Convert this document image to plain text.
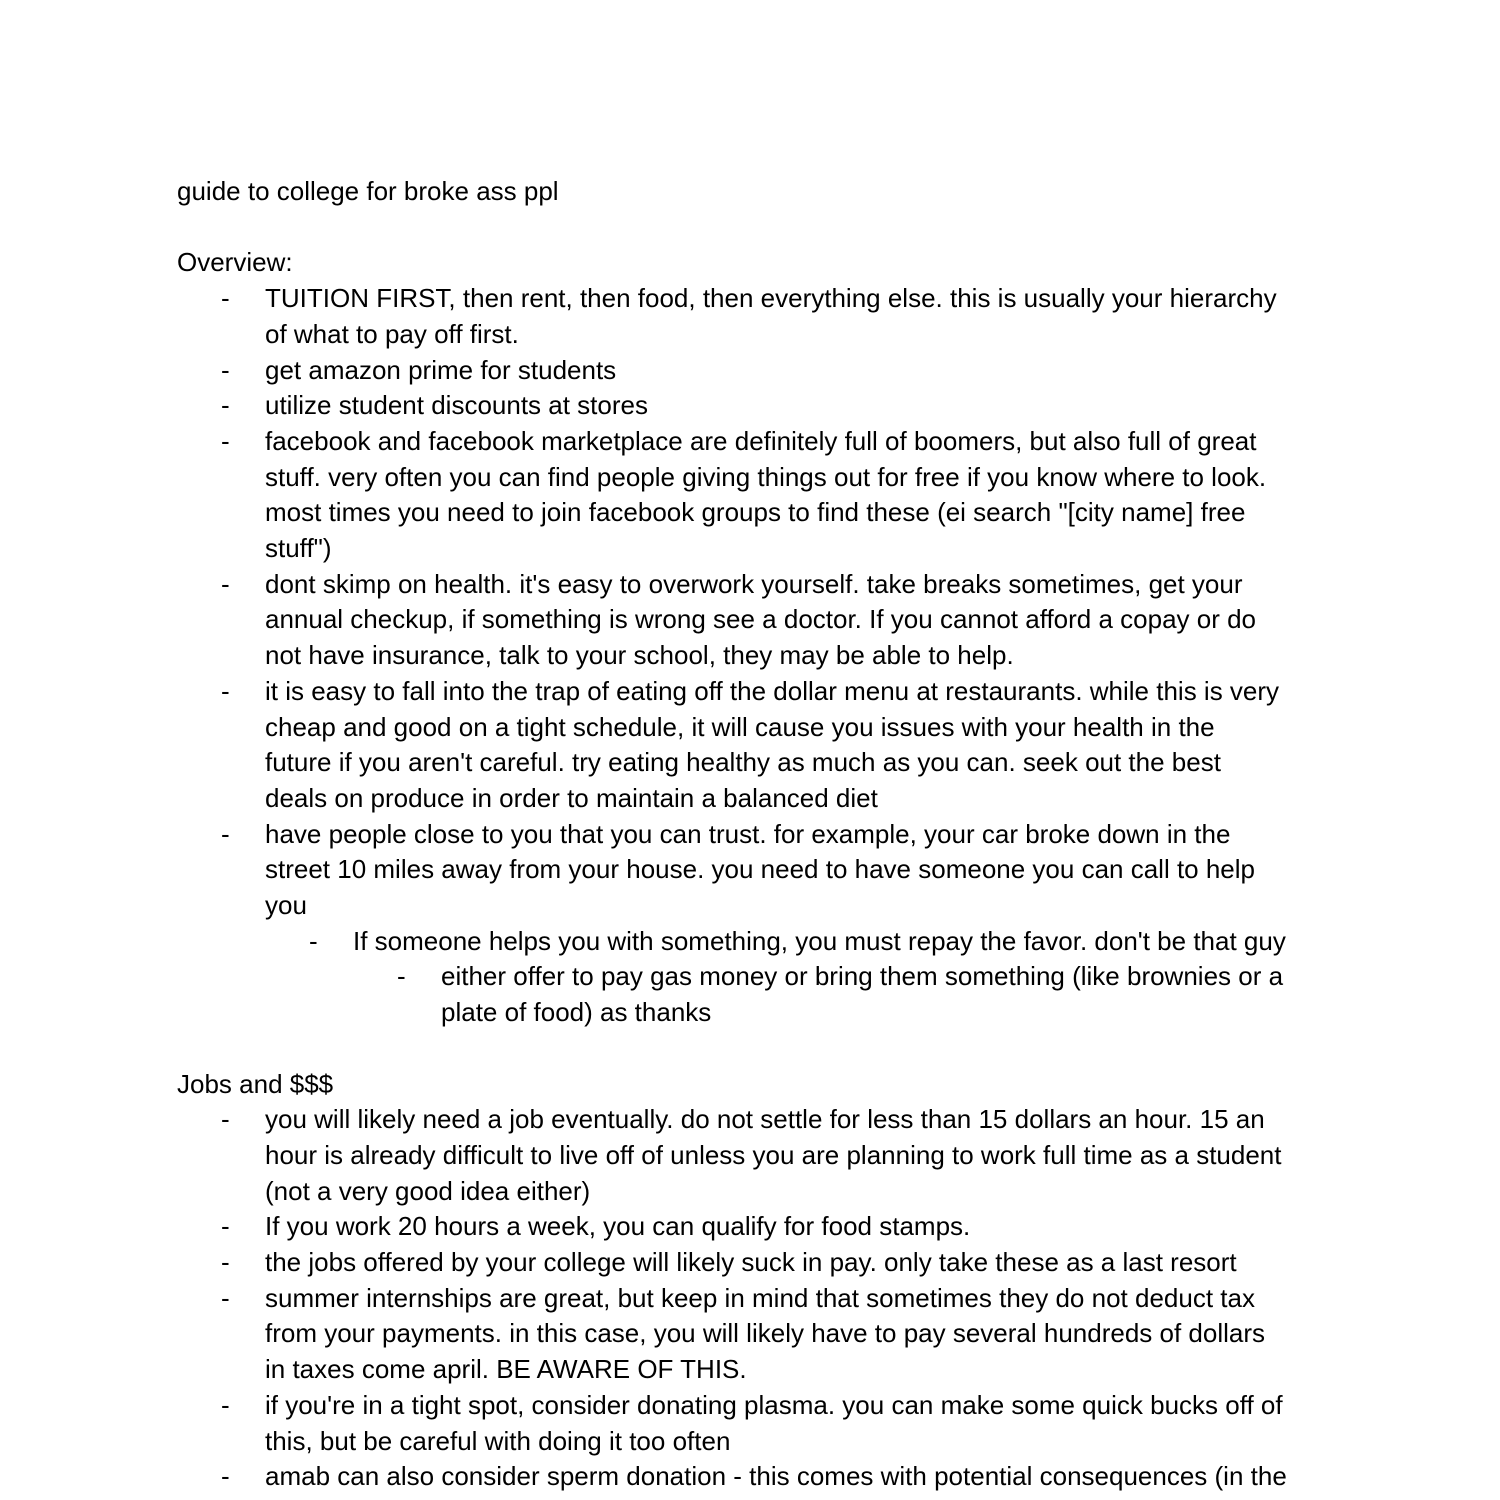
guide to college for broke ass ppl

Overview:

-	TUITION FIRST, then rent, then food, then everything else. this is usually your hierarchy
of what to pay off first.
-	get amazon prime for students
-	utilize student discounts at stores
-	facebook and facebook marketplace are definitely full of boomers, but also full of great
stuff. very often you can find people giving things out for free if you know where to look.
most times you need to join facebook groups to find these (ei search "[city name] free
stuff")
-	dont skimp on health. it's easy to overwork yourself. take breaks sometimes, get your
annual checkup, if something is wrong see a doctor. If you cannot afford a copay or do
not have insurance, talk to your school, they may be able to help.
-	it is easy to fall into the trap of eating off the dollar menu at restaurants. while this is very
cheap and good on a tight schedule, it will cause you issues with your health in the
future if you aren't careful. try eating healthy as much as you can. seek out the best
deals on produce in order to maintain a balanced diet
-	have people close to you that you can trust. for example, your car broke down in the
street 10 miles away from your house. you need to have someone you can call to help
you
-	If someone helps you with something, you must repay the favor. don't be that guy
-	either offer to pay gas money or bring them something (like brownies or a
plate of food) as thanks

Jobs and $$$

-	you will likely need a job eventually. do not settle for less than 15 dollars an hour. 15 an
hour is already difficult to live off of unless you are planning to work full time as a student
(not a very good idea either)
-	If you work 20 hours a week, you can qualify for food stamps.
-	the jobs offered by your college will likely suck in pay. only take these as a last resort
-	summer internships are great, but keep in mind that sometimes they do not deduct tax
from your payments. in this case, you will likely have to pay several hundreds of dollars
in taxes come april. BE AWARE OF THIS.
-	if you're in a tight spot, consider donating plasma. you can make some quick bucks off of
this, but be careful with doing it too often
-	amab can also consider sperm donation - this comes with potential consequences (in the
